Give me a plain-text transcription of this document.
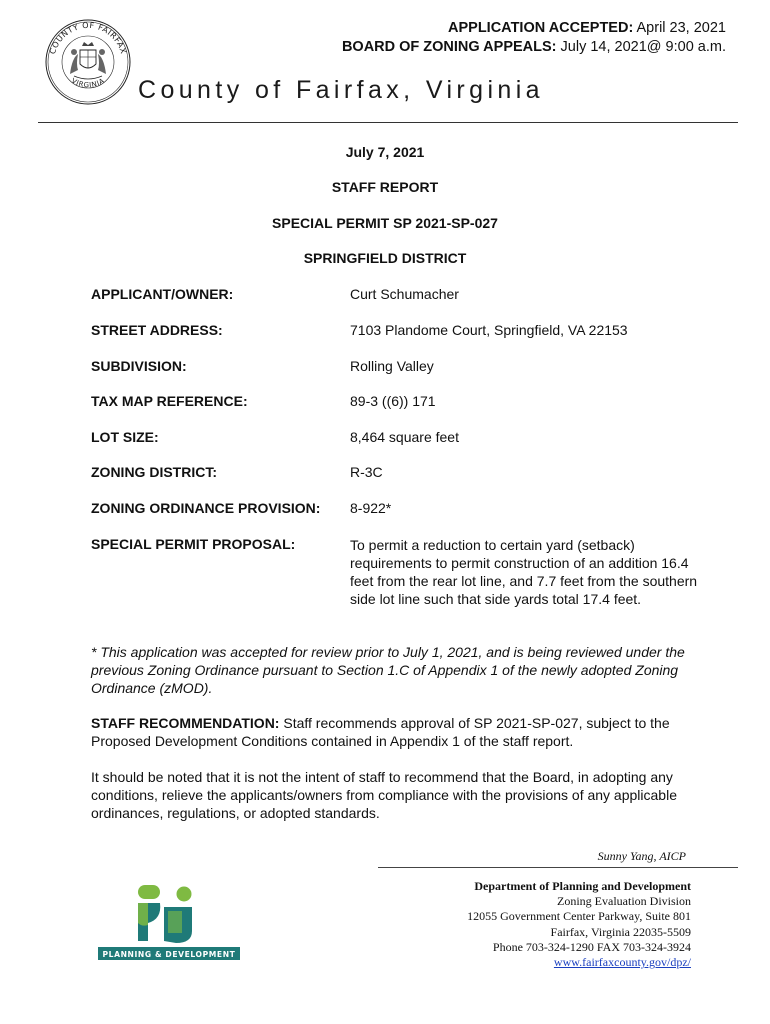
APPLICATION ACCEPTED: April 23, 2021
BOARD OF ZONING APPEALS: July 14, 2021@ 9:00 a.m.
COUNTY OF FAIRFAX
VIRGINIA County of Fairfax, Virginia
July 7, 2021
STAFF REPORT
SPECIAL PERMIT SP 2021-SP-027
SPRINGFIELD DISTRICT
APPLICANT/OWNER:	Curt Schumacher
STREET ADDRESS:	7103 Plandome Court, Springfield, VA 22153
SUBDIVISION:	Rolling Valley
TAX MAP REFERENCE:	89-3 ((6)) 171
LOT SIZE:	8,464 square feet
ZONING DISTRICT:	R-3C
ZONING ORDINANCE PROVISION: 8-922*
SPECIAL PERMIT PROPOSAL:	To permit a reduction to certain yard (setback) requirements to permit construction of an addition 16.4 feet from the rear lot line, and 7.7 feet from the southern side lot line such that side yards total 17.4 feet.
* This application was accepted for review prior to July 1, 2021, and is being reviewed under the previous Zoning Ordinance pursuant to Section 1.C of Appendix 1 of the newly adopted Zoning Ordinance (zMOD).
STAFF RECOMMENDATION: Staff recommends approval of SP 2021-SP-027, subject to the Proposed Development Conditions contained in Appendix 1 of the staff report.
It should be noted that it is not the intent of staff to recommend that the Board, in adopting any conditions, relieve the applicants/owners from compliance with the provisions of any applicable ordinances, regulations, or adopted standards.
Sunny Yang, AICP
PLANNING & DEVELOPMENT
Department of Planning and Development
Zoning Evaluation Division
12055 Government Center Parkway, Suite 801
Fairfax, Virginia 22035-5509
Phone 703-324-1290 FAX 703-324-3924
www.fairfaxcounty.gov/dpz/
